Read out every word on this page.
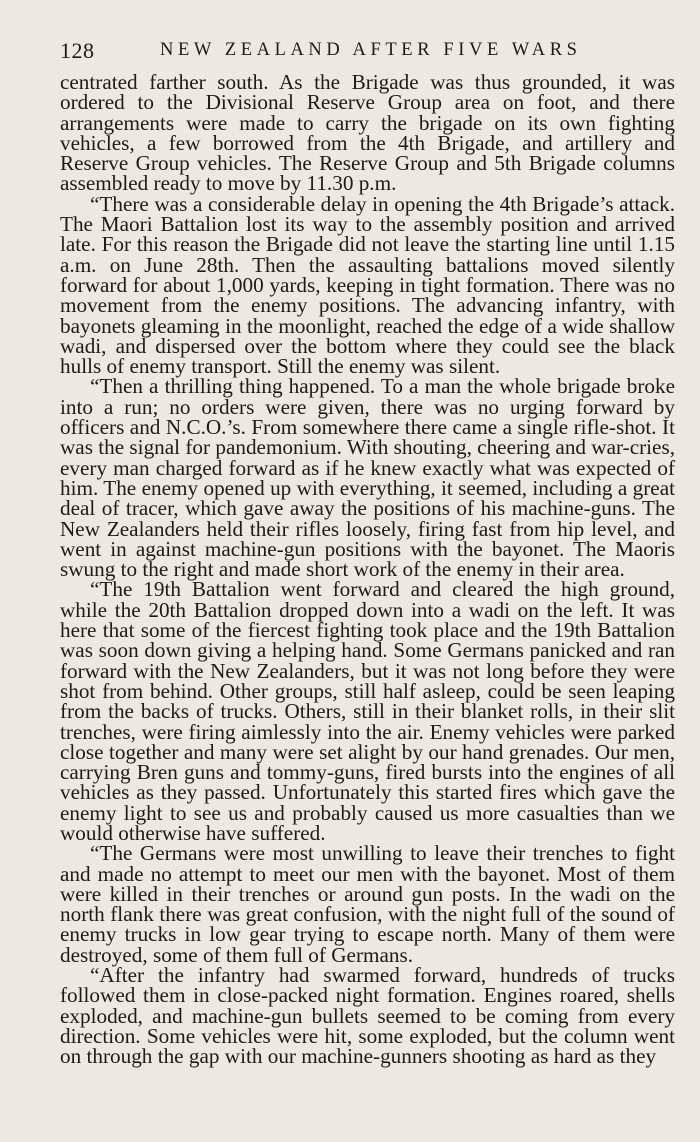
128	NEW ZEALAND AFTER FIVE WARS

centrated farther south. As the Brigade was thus grounded, it was ordered to the Divisional Reserve Group area on foot, and there arrangements were made to carry the brigade on its own fighting vehicles, a few borrowed from the 4th Brigade, and artillery and Reserve Group vehicles. The Reserve Group and 5th Brigade columns assembled ready to move by 11.30 p.m.

“There was a considerable delay in opening the 4th Brigade’s attack. The Maori Battalion lost its way to the assembly position and arrived late. For this reason the Brigade did not leave the starting line until 1.15 a.m. on June 28th. Then the assaulting battalions moved silently forward for about 1,000 yards, keeping in tight formation. There was no movement from the enemy positions. The advancing infantry, with bayonets gleaming in the moonlight, reached the edge of a wide shallow wadi, and dispersed over the bottom where they could see the black hulls of enemy transport. Still the enemy was silent.

“Then a thrilling thing happened. To a man the whole brigade broke into a run; no orders were given, there was no urging forward by officers and N.C.O.’s. From somewhere there came a single rifle-shot. It was the signal for pandemonium. With shouting, cheering and war-cries, every man charged forward as if he knew exactly what was expected of him. The enemy opened up with everything, it seemed, including a great deal of tracer, which gave away the positions of his machine-guns. The New Zealanders held their rifles loosely, firing fast from hip level, and went in against machine-gun positions with the bayonet. The Maoris swung to the right and made short work of the enemy in their area.

“The 19th Battalion went forward and cleared the high ground, while the 20th Battalion dropped down into a wadi on the left. It was here that some of the fiercest fighting took place and the 19th Battalion was soon down giving a helping hand. Some Germans panicked and ran forward with the New Zealanders, but it was not long before they were shot from behind. Other groups, still half asleep, could be seen leaping from the backs of trucks. Others, still in their blanket rolls, in their slit trenches, were firing aimlessly into the air. Enemy vehicles were parked close together and many were set alight by our hand grenades. Our men, carrying Bren guns and tommy-guns, fired bursts into the engines of all vehicles as they passed. Unfortunately this started fires which gave the enemy light to see us and probably caused us more casualties than we would otherwise have suffered.

“The Germans were most unwilling to leave their trenches to fight and made no attempt to meet our men with the bayonet. Most of them were killed in their trenches or around gun posts. In the wadi on the north flank there was great confusion, with the night full of the sound of enemy trucks in low gear trying to escape north. Many of them were destroyed, some of them full of Germans.

“After the infantry had swarmed forward, hundreds of trucks followed them in close-packed night formation. Engines roared, shells exploded, and machine-gun bullets seemed to be coming from every direction. Some vehicles were hit, some exploded, but the column went on through the gap with our machine-gunners shooting as hard as they
